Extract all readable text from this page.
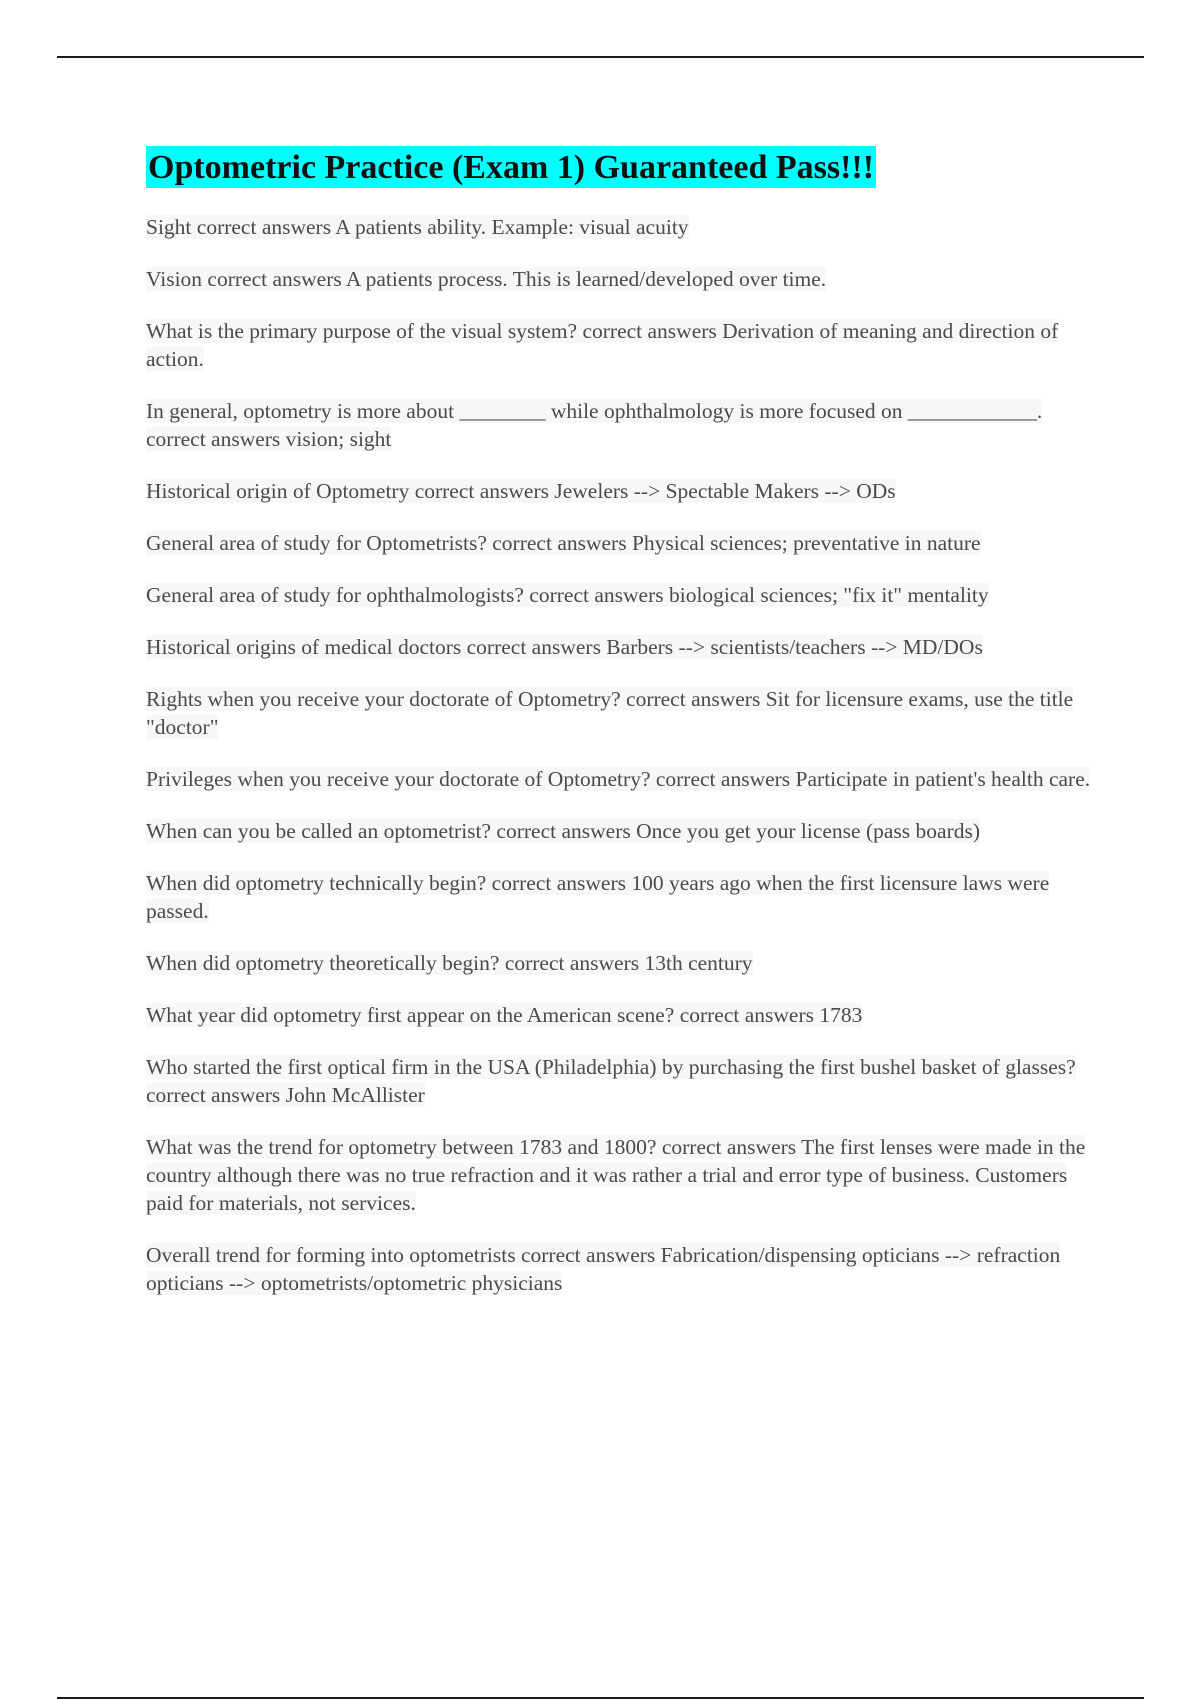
Optometric Practice (Exam 1) Guaranteed Pass!!!

Sight correct answers A patients ability. Example: visual acuity

Vision correct answers A patients process. This is learned/developed over time.

What is the primary purpose of the visual system? correct answers Derivation of meaning and direction of action.

In general, optometry is more about ________ while ophthalmology is more focused on ____________. correct answers vision; sight

Historical origin of Optometry correct answers Jewelers --> Spectable Makers --> ODs

General area of study for Optometrists? correct answers Physical sciences; preventative in nature

General area of study for ophthalmologists? correct answers biological sciences; "fix it" mentality

Historical origins of medical doctors correct answers Barbers --> scientists/teachers --> MD/DOs

Rights when you receive your doctorate of Optometry? correct answers Sit for licensure exams, use the title "doctor"

Privileges when you receive your doctorate of Optometry? correct answers Participate in patient's health care.

When can you be called an optometrist? correct answers Once you get your license (pass boards)

When did optometry technically begin? correct answers 100 years ago when the first licensure laws were passed.

When did optometry theoretically begin? correct answers 13th century

What year did optometry first appear on the American scene? correct answers 1783

Who started the first optical firm in the USA (Philadelphia) by purchasing the first bushel basket of glasses? correct answers John McAllister

What was the trend for optometry between 1783 and 1800? correct answers The first lenses were made in the country although there was no true refraction and it was rather a trial and error type of business. Customers paid for materials, not services.

Overall trend for forming into optometrists correct answers Fabrication/dispensing opticians --> refraction opticians --> optometrists/optometric physicians
